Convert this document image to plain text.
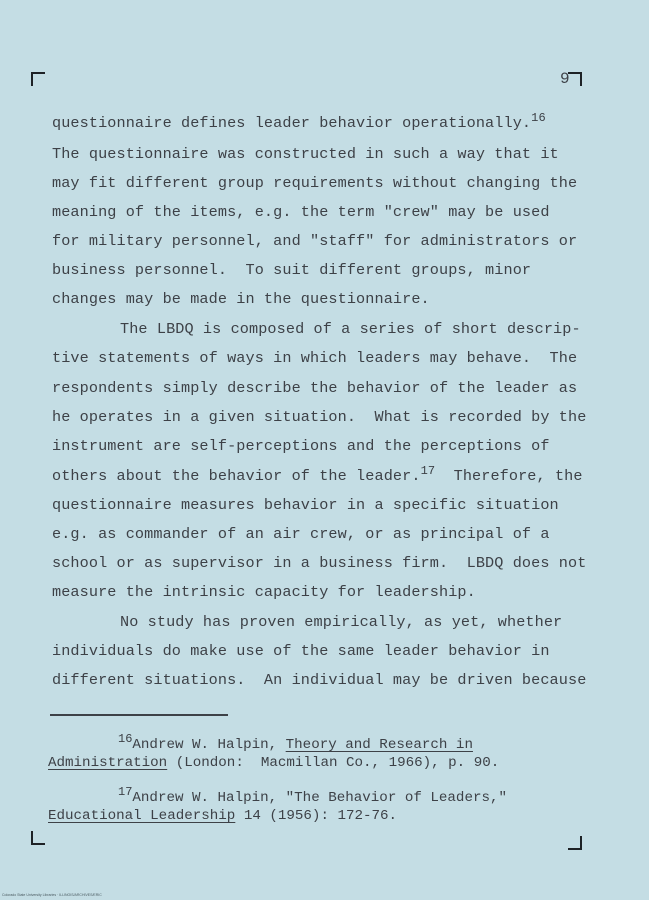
9
questionnaire defines leader behavior operationally.$^{16}$
The questionnaire was constructed in such a way that it
may fit different group requirements without changing the
meaning of the items, e.g. the term "crew" may be used
for military personnel, and "staff" for administrators or
business personnel.  To suit different groups, minor
changes may be made in the questionnaire.
The LBDQ is composed of a series of short descrip-
tive statements of ways in which leaders may behave.  The
respondents simply describe the behavior of the leader as
he operates in a given situation.  What is recorded by the
instrument are self-perceptions and the perceptions of
others about the behavior of the leader.$^{17}$  Therefore, the
questionnaire measures behavior in a specific situation
e.g. as commander of an air crew, or as principal of a
school or as supervisor in a business firm.  LBDQ does not
measure the intrinsic capacity for leadership.
No study has proven empirically, as yet, whether
individuals do make use of the same leader behavior in
different situations.  An individual may be driven because
$^{16}$Andrew W. Halpin, Theory and Research in
Administration (London:  Macmillan Co., 1966), p. 90.
$^{17}$Andrew W. Halpin, "The Behavior of Leaders,"
Educational Leadership 14 (1956): 172-76.
Colorado State University Libraries · ILLINOIS/ARCHIVES/ERIC
